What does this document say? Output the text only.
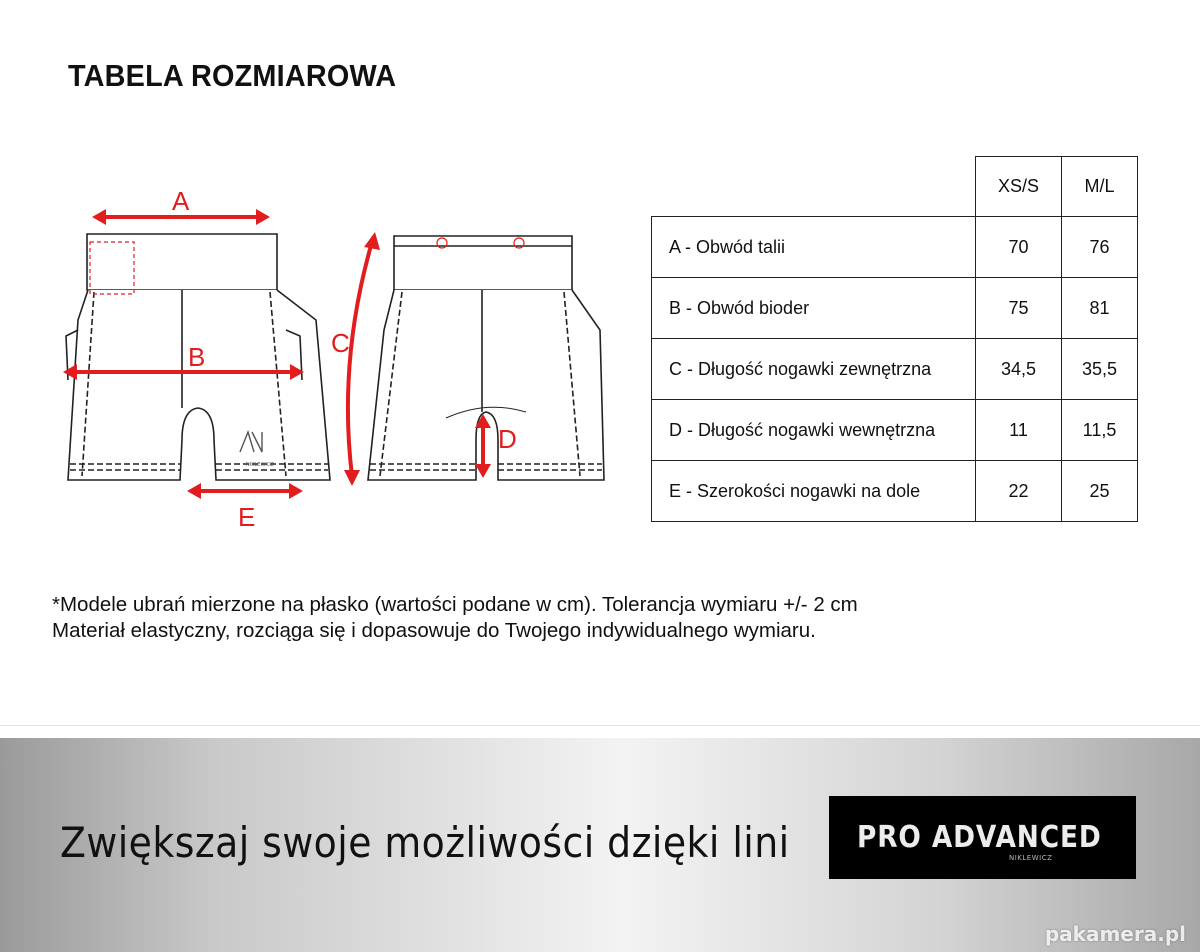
TABELA ROZMIAROWA
NIKLEWICZ
A
B
E
C
D
	XS/S	M/L
A - Obwód talii	70	76
B - Obwód bioder	75	81
C - Długość nogawki zewnętrzna	34,5	35,5
D - Długość nogawki wewnętrzna	11	11,5
E - Szerokości nogawki na dole	22	25
*Modele ubrań mierzone na płasko (wartości podane w cm). Tolerancja wymiaru +/- 2 cm
Materiał elastyczny, rozciąga się i dopasowuje do Twojego indywidualnego wymiaru.
Zwiększaj swoje możliwości dzięki lini PRO ADVANCED
NIKLEWICZ
pakamera.pl
